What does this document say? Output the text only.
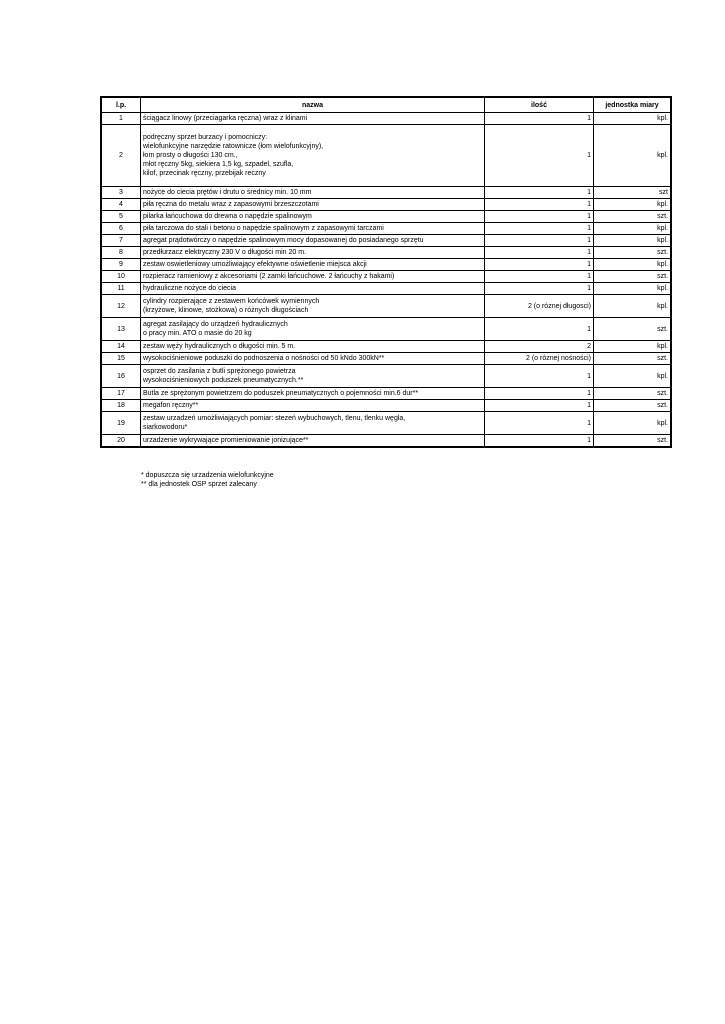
l.p.	nazwa	ilość	jednostka miary
1	ściągacz linowy (przeciagarka ręczna) wraz z klinami	1	kpl.
2	podręczny sprzet burzacy i pomocniczy:
wielofunkcyjne narzędzie ratownicze (łom wielofunkcyjny),
łom prosty o długości 130 cm.,
młot ręczny 5kg, siekiera 1,5 kg, szpadel, szufla,
kilof, przecinak ręczny, przebijak reczny	1	kpl.
3	nożyce do ciecia prętów i drutu o średnicy min. 10 mm	1	szt
4	piła ręczna do metalu wraz z zapasowymi brzeszczotami	1	kpl.
5	pilarka łańcuchowa do drewna o napędzie spalinowym	1	szt.
6	piła tarczowa do stali i betonu o napędzie spalinowym z zapasowymi tarczami	1	kpl.
7	agregat prądotwórczy o napędzie spalinowym mocy dopasowanej do posiadanego sprzętu	1	kpl.
8	przedłurzacz elektryczny 230 V o długości min 20 m.	1	szt.
9	zestaw oswietleniowy umożliwiający efektywne oświetlenie miejsca akcji	1	kpl.
10	rozpieracz ramieniowy z akcesoriami (2 zamki łańcuchowe. 2 łańcuchy z hakami)	1	szt.
11	hydrauliczne nożyce do ciecia	1	kpl.
12	cylindry rozpierające z zestawem końcówek wymiennych
(krzyżowe, klinowe, stożkowa) o różnych długościach	2 (o róznej długosci)	kpl.
13	agregat zasilający do urządzeń hydraulicznych
o pracy min. ATO o masie do 20 kg	1	szt.
14	zestaw węży hydraulicznych o długości min. 5 m.	2	kpl.
15	wysokociśnieniowe poduszki do podnoszenia o nośności od 50 kNdo 300kN**	2 (o róznej nośności)	szt.
16	osprzet do zasilania z butli sprężonego powietrza
wysokociśnieniowych poduszek pneumatycznych.**	1	kpl.
17	Butla ze sprężonym powietrzem do poduszek pneumatycznych o pojemności min.6 dur**	1	szt.
18	megafon ręczny**	1	szt.
19	zestaw urzadzeń umożliwiających pomiar: stezeń wybuchowych, tlenu, tlenku węgla,
siarkowodoru*	1	kpl.
20	urzadzenie wykrywające promieniowanie jonizujące**	1	szt.
* dopuszcza się urzadzenia wielofunkcyjne
** dla jednostek OSP sprzet zalecany
